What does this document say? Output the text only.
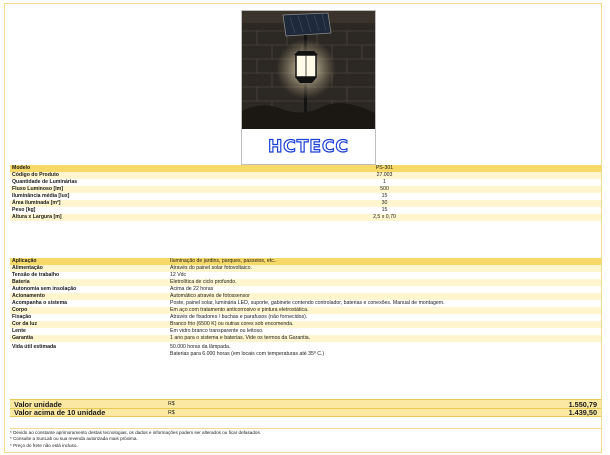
HCTECC
Modelo	PS-301
Código do Produto	27.003
Quantidade de Luminárias	1
Fluxo Luminoso [lm]	500
Iluminância média [lux]	15
Área iluminada [m²]	30
Peso [kg]	15
Altura x Largura [m]	2,5 x 0,70
Aplicação	Iluminação de jardins, parques, passeios, etc..
Alimentação	Através do painel solar fotovoltaico.
Tensão de trabalho	12 Vdc
Bateria	Eletrolítica de ciclo profundo.
Autonomia sem insolação	Acima de 22 horas
Acionamento	Automático através de fotossensor
Acompanha o sistema	Poste, painel solar, luminária LED, suporte, gabinete contendo controlador, baterias e conexões. Manual de montagem.
Corpo	Em aço com tratamento anticorrosivo e pintura eletrostática.
Fixação	Através de fixadores / buchas e parafusos (não fornecidos).
Cor da luz	Branco frio (6500 K) ou outras cores sob encomenda.
Lente	Em vidro branco transparente ou leitoso.
Garantia	1 ano para o sistema e baterias. Vide os termos da Garantia.
Vida útil estimada	50.000 horas da lâmpada.
Baterias para 6.000 horas (em locais com temperaturas até 35º C.)
Valor unidade	R$	1.550,79
Valor acima de 10 unidade	R$	1.439,50
* Devido ao constante aprimoramento destas tecnologias, os dados e informações podem ser alterados ou ficar defasados.
* Consulte a SunLab ou sua revenda autorizada mais próxima.
* Preço do frete não está incluso.
